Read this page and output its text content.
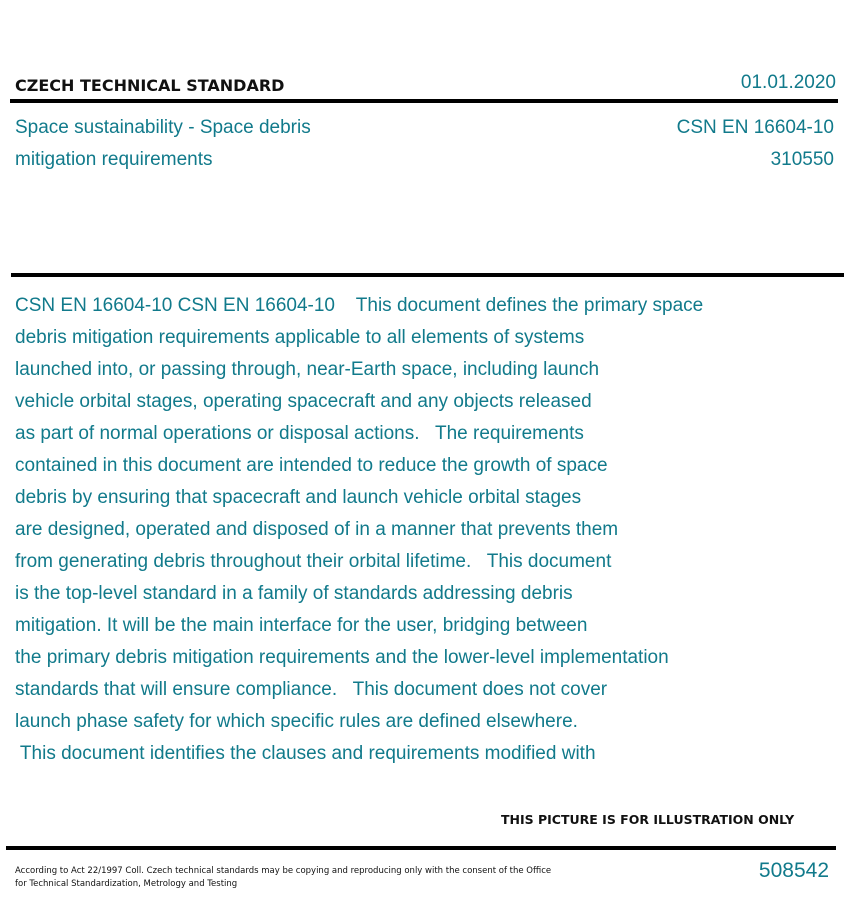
CZECH TECHNICAL STANDARD	01.01.2020
Space sustainability - Space debris
mitigation requirements
CSN EN 16604-10
310550
CSN EN 16604-10 CSN EN 16604-10    This document defines the primary space
debris mitigation requirements applicable to all elements of systems
launched into, or passing through, near-Earth space, including launch
vehicle orbital stages, operating spacecraft and any objects released
as part of normal operations or disposal actions.   The requirements
contained in this document are intended to reduce the growth of space
debris by ensuring that spacecraft and launch vehicle orbital stages
are designed, operated and disposed of in a manner that prevents them
from generating debris throughout their orbital lifetime.   This document
is the top-level standard in a family of standards addressing debris
mitigation. It will be the main interface for the user, bridging between
the primary debris mitigation requirements and the lower-level implementation
standards that will ensure compliance.   This document does not cover
launch phase safety for which specific rules are defined elsewhere.
This document identifies the clauses and requirements modified with
THIS PICTURE IS FOR ILLUSTRATION ONLY
According to Act 22/1997 Coll. Czech technical standards may be copying and reproducing only with the consent of the Office
for Technical Standardization, Metrology and Testing
508542
